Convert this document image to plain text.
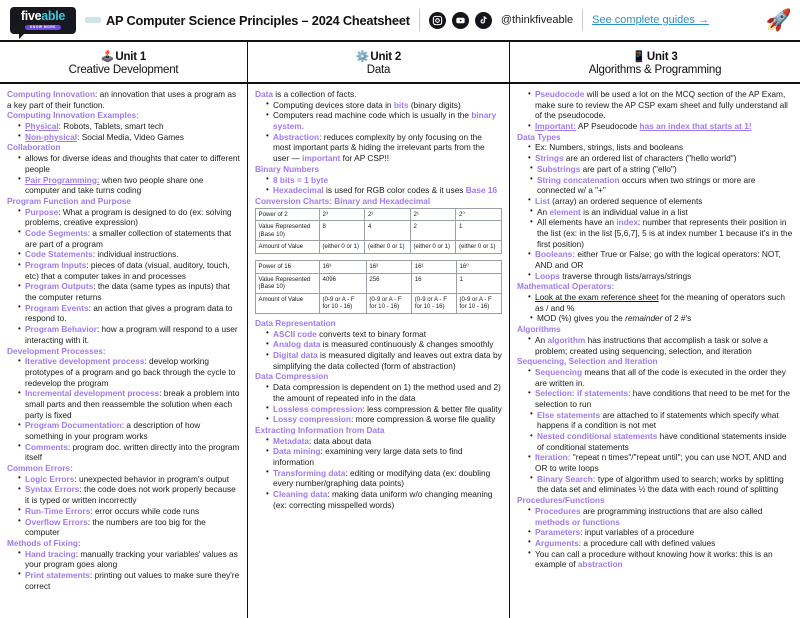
fiveable
KNOW MORE	AP Computer Science Principles – 2024 Cheatsheet	@thinkfiveable See complete guides →	🚀
🕹️Unit 1
Creative Development
⚙️Unit 2
Data
📱Unit 3
Algorithms & Programming
Computing Innovation: an innovation that uses a program as a key part of their function.
Computing Innovation Examples:
• Physical: Robots, Tablets, smart tech
• Non-physical: Social Media, Video Games
Collaboration
• allows for diverse ideas and thoughts that cater to different people
• Pair Programming: when two people share one computer and take turns coding
Program Function and Purpose
• Purpose: What a program is designed to do (ex: solving problems, creative expression)
• Code Segments: a smaller collection of statements that are part of a program
• Code Statements: individual instructions.
• Program Inputs: pieces of data (visual, auditory, touch, etc) that a computer takes in and processes
• Program Outputs: the data (same types as inputs) that the computer returns
• Program Events: an action that gives a program data to respond to.
• Program Behavior: how a program will respond to a user interacting with it.
Development Processes:
• Iterative development process: develop working prototypes of a program and go back through the cycle to redevelop the program
• Incremental development process: break a problem into small parts and then reassemble the solution when each party is fixed
• Program Documentation: a description of how something in your program works
• Comments: program doc. written directly into the program itself
Common Errors:
• Logic Errors: unexpected behavior in program's output
• Syntax Errors: the code does not work properly because it is typed or written incorrectly
• Run-Time Errors: error occurs while code runs
• Overflow Errors: the numbers are too big for the computer
Methods of Fixing:
• Hand tracing: manually tracking your variables' values as your program goes along
• Print statements: printing out values to make sure they're correct
Data is a collection of facts.
• Computing devices store data in bits (binary digits)
• Computers read machine code which is usually in the binary system.
• Abstraction: reduces complexity by only focusing on the most important parts & hiding the irrelevant parts from the user — important for AP CSP!!
Binary Numbers
• 8 bits = 1 byte
• Hexadecimal is used for RGB color codes & it uses Base 16
Conversion Charts: Binary and Hexadecimal
Power of 2	2³	2²	2¹	2⁰
Value Represented (Base 10)	8	4	2	1
Amount of Value	(either 0 or 1)	(either 0 or 1)	(either 0 or 1)	(either 0 or 1)
Power of 16	16³	16²	16¹	16⁰
Value Represented (Base 10)	4096	256	16	1
Amount of Value	(0-9 or A - F for 10 - 16)	(0-9 or A - F for 10 - 16)	(0-9 or A - F for 10 - 16)	(0-9 or A - F for 10 - 16)
Data Representation
• ASCII code converts text to binary format
• Analog data is measured continuously & changes smoothly
• Digital data is measured digitally and leaves out extra data by simplifying the data collected (form of abstraction)
Data Compression
• Data compression is dependent on 1) the method used and 2) the amount of repeated info in the data
• Lossless compression: less compression & better file quality
• Lossy compression: more compression & worse file quality
Extracting Information from Data
• Metadata: data about data
• Data mining: examining very large data sets to find information
• Transforming data: editing or modifying data (ex: doubling every number/graphing data points)
• Cleaning data: making data uniform w/o changing meaning (ex: correcting misspelled words)
• Pseudocode will be used a lot on the MCQ section of the AP Exam, make sure to review the AP CSP exam sheet and fully understand all of the pseudocode.
• Important: AP Pseudocode has an index that starts at 1!
Data Types
• Ex: Numbers, strings, lists and booleans
• Strings are an ordered list of characters ("hello world")
• Substrings are part of a string ("ello")
• String concatenation occurs when two strings or more are connected w/ a "+"
• List (array) an ordered sequence of elements
• An element is an individual value in a list
• All elements have an index: number that represents their position in the list (ex: in the list [5,6,7], 5 is at index number 1 because it's in the first position)
• Booleans: either True or False; go with the logical operators: NOT, AND and OR
• Loops traverse through lists/arrays/strings
Mathematical Operators:
• Look at the exam reference sheet for the meaning of operators such as / and %
• MOD (%) gives you the remainder of 2 #'s
Algorithms
• An algorithm has instructions that accomplish a task or solve a problem; created using sequencing, selection, and iteration
Sequencing, Selection and Iteration
• Sequencing means that all of the code is executed in the order they are written in.
• Selection: if statements: have conditions that need to be met for the selection to run
• Else statements are attached to if statements which specify what happens if a condition is not met
• Nested conditional statements have conditional statements inside of conditional statements
• Iteration: "repeat n times"/"repeat until"; you can use NOT, AND and OR to write loops
• Binary Search: type of algorithm used to search; works by splitting the data set and eliminates ½ the data with each round of splitting
Procedures/Functions
• Procedures are programming instructions that are also called methods or functions
• Parameters: input variables of a procedure
• Arguments: a procedure call with defined values
• You can call a procedure without knowing how it works: this is an example of abstraction
